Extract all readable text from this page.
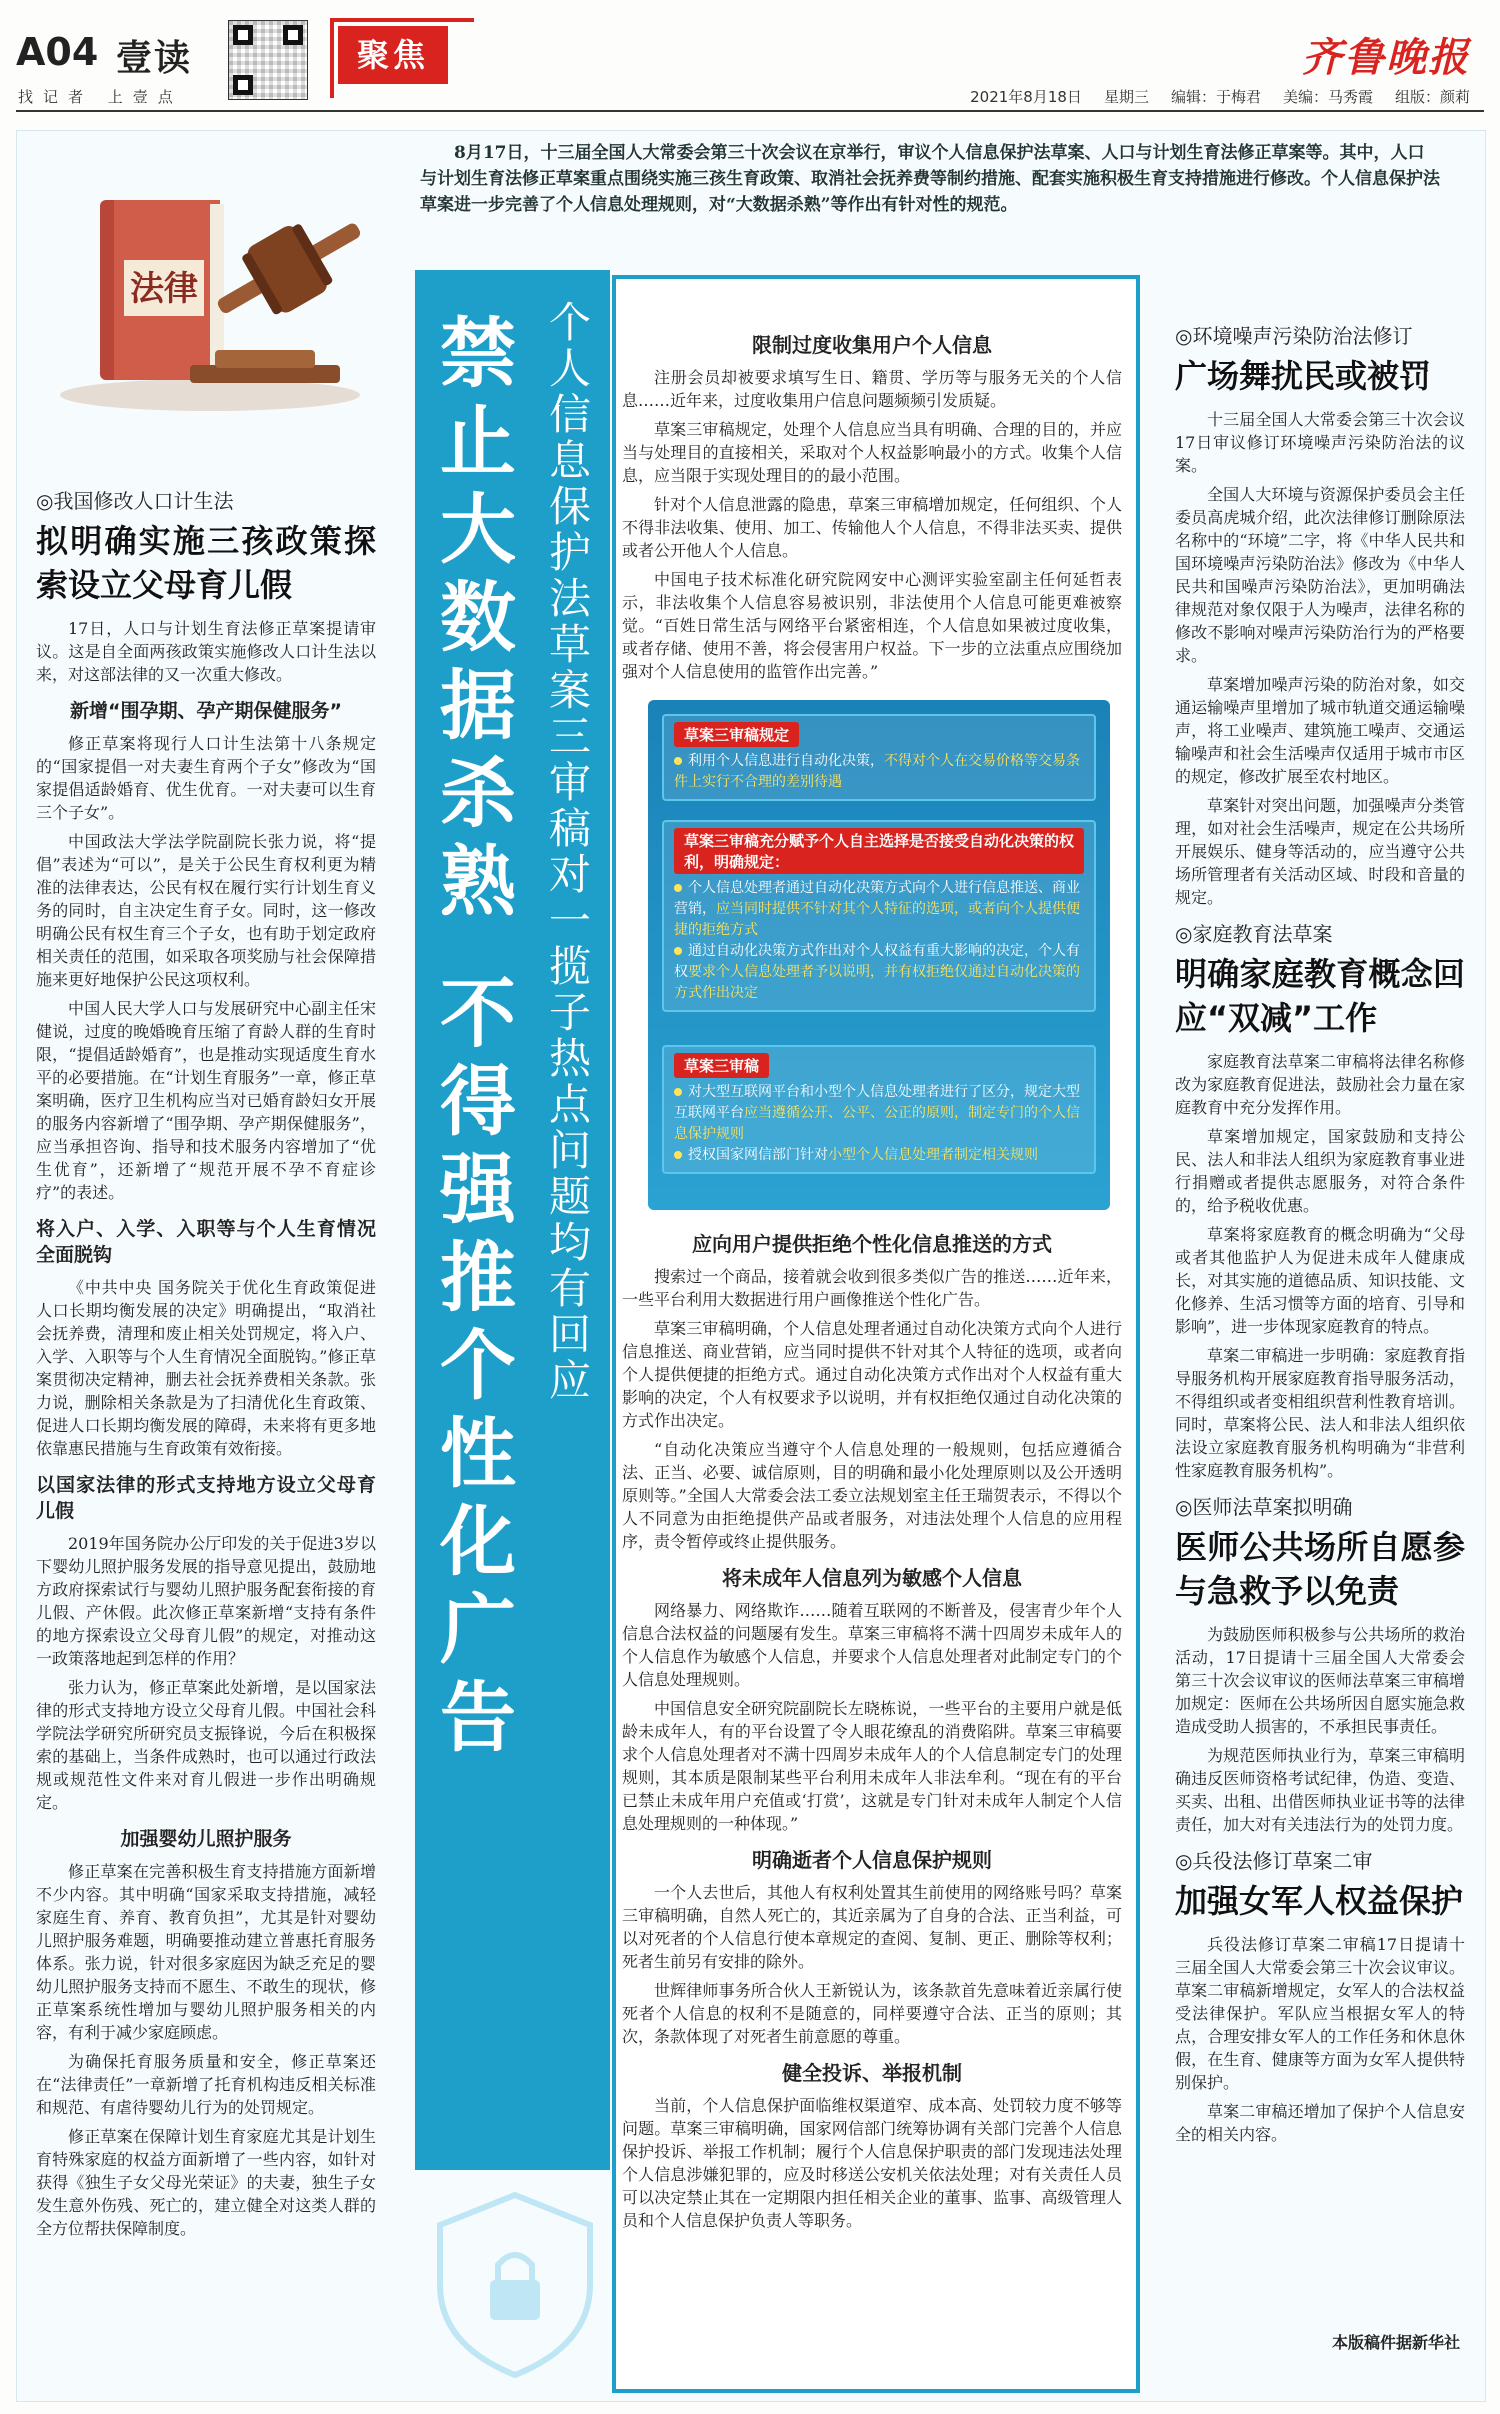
A04 壹读
找记者 上壹点
聚焦	齐鲁晚报
2021年8月18日 星期三 编辑：于梅君 美编：马秀霞 组版：颜莉
法律
8月17日，十三届全国人大常委会第三十次会议在京举行，审议个人信息保护法草案、人口与计划生育法修正草案等。其中，人口与计划生育法修正草案重点围绕实施三孩生育政策、取消社会抚养费等制约措施、配套实施积极生育支持措施进行修改。个人信息保护法草案进一步完善了个人信息处理规则，对“大数据杀熟”等作出有针对性的规范。

◎我国修改人口计生法

拟明确实施三孩政策探索设立父母育儿假

17日，人口与计划生育法修正草案提请审议。这是自全面两孩政策实施修改人口计生法以来，对这部法律的又一次重大修改。

新增“围孕期、孕产期保健服务”

修正草案将现行人口计生法第十八条规定的“国家提倡一对夫妻生育两个子女”修改为“国家提倡适龄婚育、优生优育。一对夫妻可以生育三个子女”。

中国政法大学法学院副院长张力说，将“提倡”表述为“可以”，是关于公民生育权利更为精准的法律表达，公民有权在履行实行计划生育义务的同时，自主决定生育子女。同时，这一修改明确公民有权生育三个子女，也有助于划定政府相关责任的范围，如采取各项奖励与社会保障措施来更好地保护公民这项权利。

中国人民大学人口与发展研究中心副主任宋健说，过度的晚婚晚育压缩了育龄人群的生育时限，“提倡适龄婚育”，也是推动实现适度生育水平的必要措施。在“计划生育服务”一章，修正草案明确，医疗卫生机构应当对已婚育龄妇女开展的服务内容新增了“围孕期、孕产期保健服务”，应当承担咨询、指导和技术服务内容增加了“优生优育”，还新增了“规范开展不孕不育症诊疗”的表述。

将入户、入学、入职等与个人生育情况全面脱钩

《中共中央 国务院关于优化生育政策促进人口长期均衡发展的决定》明确提出，“取消社会抚养费，清理和废止相关处罚规定，将入户、入学、入职等与个人生育情况全面脱钩。”修正草案贯彻决定精神，删去社会抚养费相关条款。张力说，删除相关条款是为了扫清优化生育政策、促进人口长期均衡发展的障碍，未来将有更多地依靠惠民措施与生育政策有效衔接。

以国家法律的形式支持地方设立父母育儿假

2019年国务院办公厅印发的关于促进3岁以下婴幼儿照护服务发展的指导意见提出，鼓励地方政府探索试行与婴幼儿照护服务配套衔接的育儿假、产休假。此次修正草案新增“支持有条件的地方探索设立父母育儿假”的规定，对推动这一政策落地起到怎样的作用？

张力认为，修正草案此处新增，是以国家法律的形式支持地方设立父母育儿假。中国社会科学院法学研究所研究员支振锋说，今后在积极探索的基础上，当条件成熟时，也可以通过行政法规或规范性文件来对育儿假进一步作出明确规定。

加强婴幼儿照护服务

修正草案在完善积极生育支持措施方面新增不少内容。其中明确“国家采取支持措施，减轻家庭生育、养育、教育负担”，尤其是针对婴幼儿照护服务难题，明确要推动建立普惠托育服务体系。张力说，针对很多家庭因为缺乏充足的婴幼儿照护服务支持而不愿生、不敢生的现状，修正草案系统性增加与婴幼儿照护服务相关的内容，有利于减少家庭顾虑。

为确保托育服务质量和安全，修正草案还在“法律责任”一章新增了托育机构违反相关标准和规范、有虐待婴幼儿行为的处罚规定。

修正草案在保障计划生育家庭尤其是计划生育特殊家庭的权益方面新增了一些内容，如针对获得《独生子女父母光荣证》的夫妻，独生子女发生意外伤残、死亡的，建立健全对这类人群的全方位帮扶保障制度。

禁止大数据杀熟
不得强推个性化广告
个人信息保护法草案三审稿对一揽子热点问题均有回应
限制过度收集用户个人信息

注册会员却被要求填写生日、籍贯、学历等与服务无关的个人信息……近年来，过度收集用户信息问题频频引发质疑。

草案三审稿规定，处理个人信息应当具有明确、合理的目的，并应当与处理目的直接相关，采取对个人权益影响最小的方式。收集个人信息，应当限于实现处理目的的最小范围。

针对个人信息泄露的隐患，草案三审稿增加规定，任何组织、个人不得非法收集、使用、加工、传输他人个人信息，不得非法买卖、提供或者公开他人个人信息。

中国电子技术标准化研究院网安中心测评实验室副主任何延哲表示，非法收集个人信息容易被识别，非法使用个人信息可能更难被察觉。“百姓日常生活与网络平台紧密相连，个人信息如果被过度收集，或者存储、使用不善，将会侵害用户权益。下一步的立法重点应围绕加强对个人信息使用的监管作出完善。”

应向用户提供拒绝个性化信息推送的方式

搜索过一个商品，接着就会收到很多类似广告的推送……近年来，一些平台利用大数据进行用户画像推送个性化广告。

草案三审稿明确，个人信息处理者通过自动化决策方式向个人进行信息推送、商业营销，应当同时提供不针对其个人特征的选项，或者向个人提供便捷的拒绝方式。通过自动化决策方式作出对个人权益有重大影响的决定，个人有权要求予以说明，并有权拒绝仅通过自动化决策的方式作出决定。

“自动化决策应当遵守个人信息处理的一般规则，包括应遵循合法、正当、必要、诚信原则，目的明确和最小化处理原则以及公开透明原则等。”全国人大常委会法工委立法规划室主任王瑞贺表示，不得以个人不同意为由拒绝提供产品或者服务，对违法处理个人信息的应用程序，责令暂停或终止提供服务。

将未成年人信息列为敏感个人信息

网络暴力、网络欺诈……随着互联网的不断普及，侵害青少年个人信息合法权益的问题屡有发生。草案三审稿将不满十四周岁未成年人的个人信息作为敏感个人信息，并要求个人信息处理者对此制定专门的个人信息处理规则。

中国信息安全研究院副院长左晓栋说，一些平台的主要用户就是低龄未成年人，有的平台设置了令人眼花缭乱的消费陷阱。草案三审稿要求个人信息处理者对不满十四周岁未成年人的个人信息制定专门的处理规则，其本质是限制某些平台利用未成年人非法牟利。“现在有的平台已禁止未成年用户充值或‘打赏’，这就是专门针对未成年人制定个人信息处理规则的一种体现。”

明确逝者个人信息保护规则

一个人去世后，其他人有权利处置其生前使用的网络账号吗？草案三审稿明确，自然人死亡的，其近亲属为了自身的合法、正当利益，可以对死者的个人信息行使本章规定的查阅、复制、更正、删除等权利；死者生前另有安排的除外。

世辉律师事务所合伙人王新锐认为，该条款首先意味着近亲属行使死者个人信息的权利不是随意的，同样要遵守合法、正当的原则；其次，条款体现了对死者生前意愿的尊重。

健全投诉、举报机制

当前，个人信息保护面临维权渠道窄、成本高、处罚较力度不够等问题。草案三审稿明确，国家网信部门统筹协调有关部门完善个人信息保护投诉、举报工作机制；履行个人信息保护职责的部门发现违法处理个人信息涉嫌犯罪的，应及时移送公安机关依法处理；对有关责任人员可以决定禁止其在一定期限内担任相关企业的董事、监事、高级管理人员和个人信息保护负责人等职务。

草案三审稿规定
利用个人信息进行自动化决策，不得对个人在交易价格等交易条件上实行不合理的差别待遇
草案三审稿充分赋予个人自主选择是否接受自动化决策的权利，明确规定：
个人信息处理者通过自动化决策方式向个人进行信息推送、商业营销，应当同时提供不针对其个人特征的选项，或者向个人提供便捷的拒绝方式
通过自动化决策方式作出对个人权益有重大影响的决定，个人有权要求个人信息处理者予以说明，并有权拒绝仅通过自动化决策的方式作出决定
草案三审稿
对大型互联网平台和小型个人信息处理者进行了区分，规定大型互联网平台应当遵循公开、公平、公正的原则，制定专门的个人信息保护规则
授权国家网信部门针对小型个人信息处理者制定相关规则

◎环境噪声污染防治法修订

广场舞扰民或被罚

十三届全国人大常委会第三十次会议17日审议修订环境噪声污染防治法的议案。

全国人大环境与资源保护委员会主任委员高虎城介绍，此次法律修订删除原法名称中的“环境”二字，将《中华人民共和国环境噪声污染防治法》修改为《中华人民共和国噪声污染防治法》，更加明确法律规范对象仅限于人为噪声，法律名称的修改不影响对噪声污染防治行为的严格要求。

草案增加噪声污染的防治对象，如交通运输噪声里增加了城市轨道交通运输噪声，将工业噪声、建筑施工噪声、交通运输噪声和社会生活噪声仅适用于城市市区的规定，修改扩展至农村地区。

草案针对突出问题，加强噪声分类管理，如对社会生活噪声，规定在公共场所开展娱乐、健身等活动的，应当遵守公共场所管理者有关活动区域、时段和音量的规定。

◎家庭教育法草案

明确家庭教育概念回应“双减”工作

家庭教育法草案二审稿将法律名称修改为家庭教育促进法，鼓励社会力量在家庭教育中充分发挥作用。

草案增加规定，国家鼓励和支持公民、法人和非法人组织为家庭教育事业进行捐赠或者提供志愿服务，对符合条件的，给予税收优惠。

草案将家庭教育的概念明确为“父母或者其他监护人为促进未成年人健康成长，对其实施的道德品质、知识技能、文化修养、生活习惯等方面的培育、引导和影响”，进一步体现家庭教育的特点。

草案二审稿进一步明确：家庭教育指导服务机构开展家庭教育指导服务活动，不得组织或者变相组织营利性教育培训。同时，草案将公民、法人和非法人组织依法设立家庭教育服务机构明确为“非营利性家庭教育服务机构”。

◎医师法草案拟明确

医师公共场所自愿参与急救予以免责

为鼓励医师积极参与公共场所的救治活动，17日提请十三届全国人大常委会第三十次会议审议的医师法草案三审稿增加规定：医师在公共场所因自愿实施急救造成受助人损害的，不承担民事责任。

为规范医师执业行为，草案三审稿明确违反医师资格考试纪律，伪造、变造、买卖、出租、出借医师执业证书等的法律责任，加大对有关违法行为的处罚力度。

◎兵役法修订草案二审

加强女军人权益保护

兵役法修订草案二审稿17日提请十三届全国人大常委会第三十次会议审议。草案二审稿新增规定，女军人的合法权益受法律保护。军队应当根据女军人的特点，合理安排女军人的工作任务和休息休假，在生育、健康等方面为女军人提供特别保护。

草案二审稿还增加了保护个人信息安全的相关内容。

本版稿件据新华社
